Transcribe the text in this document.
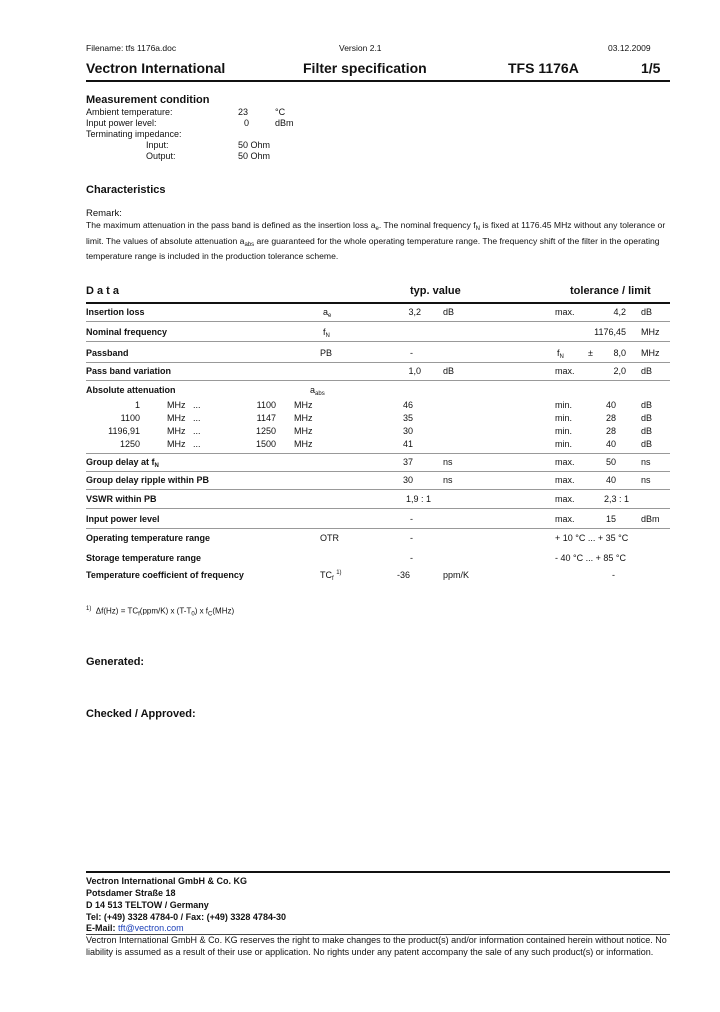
Filename: tfs 1176a.doc	Version 2.1	03.12.2009
Vectron International	Filter specification	TFS 1176A	1/5
Measurement condition
Ambient temperature:	23	°C
Input power level:	0	dBm
Terminating impedance:
Input:	50 Ohm
Output:	50 Ohm
Characteristics
Remark:
The maximum attenuation in the pass band is defined as the insertion loss $a_e$. The nominal frequency $f_N$ is fixed at 1176.45 MHz without any tolerance or limit. The values of absolute attenuation $a_{abs}$ are guaranteed for the whole operating temperature range. The frequency shift of the filter in the operating temperature range is included in the production tolerance scheme.
D a t a	typ. value	tolerance / limit
Insertion loss	$a_e$	3,2 dB	max.	4,2 dB
Nominal frequency	$f_N$	1176,45 MHz
Passband	PB	-	$f_N$	±	8,0 MHz
Pass band variation	1,0 dB	max.	2,0 dB
Absolute attenuation	$a_{abs}$
1	MHz ...	1100 MHz	46	min.	40	dB
1100	MHz ...	1147 MHz	35	min.	28	dB
1196,91	MHz ...	1250 MHz	30	min.	28	dB
1250	MHz ...	1500 MHz	41	min.	40	dB
Group delay at $f_N$	37	ns	max.	50	ns
Group delay ripple within PB	30	ns	max.	40	ns
VSWR within PB	1,9 : 1	max.	2,3 : 1
Input power level	-	max.	15	dBm
Operating temperature range	OTR	-	+ 10 °C ... + 35 °C
Storage temperature range	-	- 40 °C ... + 85 °C
Temperature coefficient of frequency	$TC_f$ $^{1)}$	-36	ppm/K	-
$^{1)}$ $\Delta f(Hz) = TC_f(ppm/K)$ x $(T-T_0)$ x $f_C(MHz)$
Generated:
Checked / Approved:
Vectron International GmbH & Co. KG
Potsdamer Straße 18
D 14 513 TELTOW / Germany
Tel: (+49) 3328 4784-0 / Fax: (+49) 3328 4784-30
E-Mail: tft@vectron.com
Vectron International GmbH & Co. KG reserves the right to make changes to the product(s) and/or information contained herein without notice. No liability is assumed as a result of their use or application. No rights under any patent accompany the sale of any such product(s) or information.
